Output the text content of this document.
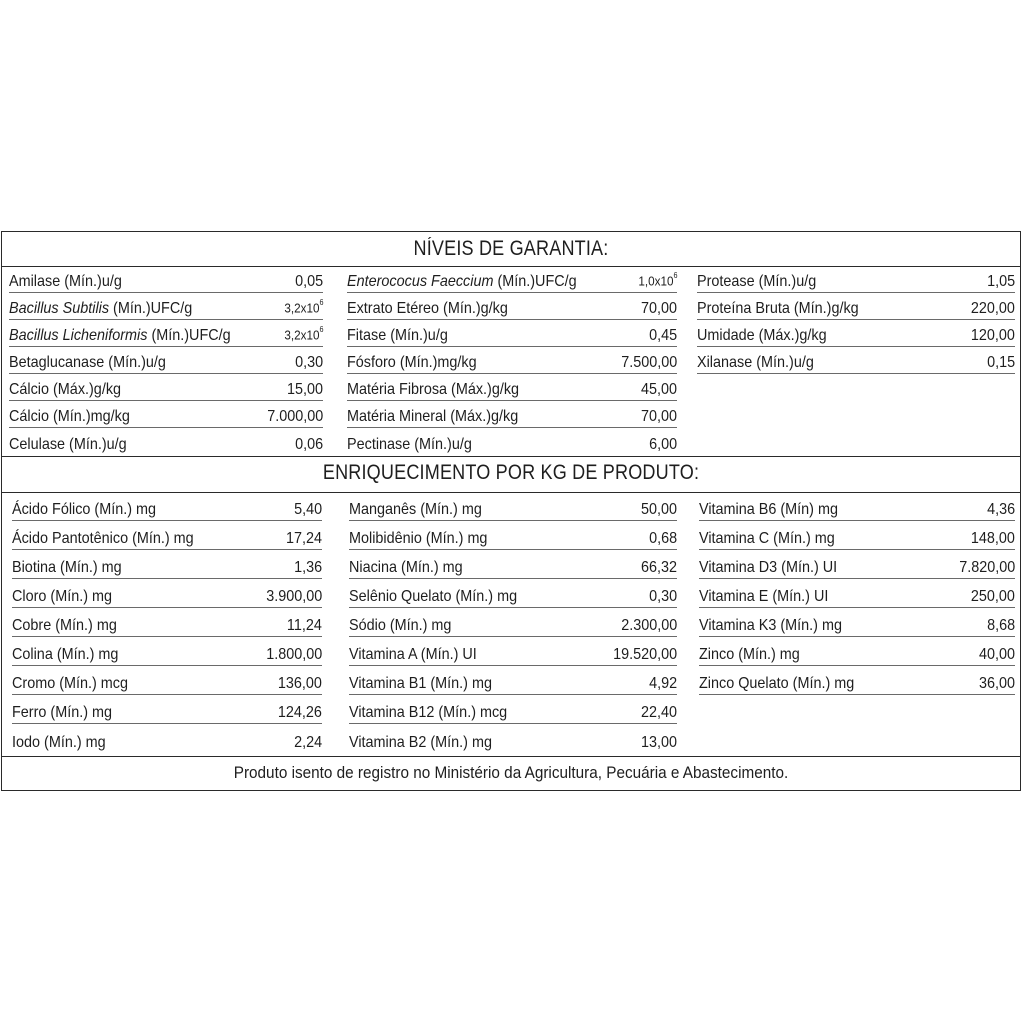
NÍVEIS DE GARANTIA:
Amilase (Mín.)u/g	0,05
Bacillus Subtilis (Mín.)UFC/g	$3,2x10^6$
Bacillus Licheniformis (Mín.)UFC/g	$3,2x10^6$
Betaglucanase (Mín.)u/g	0,30
Cálcio (Máx.)g/kg	15,00
Cálcio (Mín.)mg/kg	7.000,00
Celulase (Mín.)u/g	0,06
Enterococus Faeccium (Mín.)UFC/g	$1,0x10^6$
Extrato Etéreo (Mín.)g/kg	70,00
Fitase (Mín.)u/g	0,45
Fósforo (Mín.)mg/kg	7.500,00
Matéria Fibrosa (Máx.)g/kg	45,00
Matéria Mineral (Máx.)g/kg	70,00
Pectinase (Mín.)u/g	6,00
Protease (Mín.)u/g	1,05
Proteína Bruta (Mín.)g/kg	220,00
Umidade (Máx.)g/kg	120,00
Xilanase (Mín.)u/g	0,15
ENRIQUECIMENTO POR KG DE PRODUTO:
Ácido Fólico (Mín.) mg	5,40
Ácido Pantotênico (Mín.) mg	17,24
Biotina (Mín.) mg	1,36
Cloro (Mín.) mg	3.900,00
Cobre (Mín.) mg	11,24
Colina (Mín.) mg	1.800,00
Cromo (Mín.) mcg	136,00
Ferro (Mín.) mg	124,26
Iodo (Mín.) mg	2,24
Manganês (Mín.) mg	50,00
Molibidênio (Mín.) mg	0,68
Niacina (Mín.) mg	66,32
Selênio Quelato (Mín.) mg	0,30
Sódio (Mín.) mg	2.300,00
Vitamina A (Mín.) UI	19.520,00
Vitamina B1 (Mín.) mg	4,92
Vitamina B12 (Mín.) mcg	22,40
Vitamina B2 (Mín.) mg	13,00
Vitamina B6 (Mín) mg	4,36
Vitamina C (Mín.) mg	148,00
Vitamina D3 (Mín.) UI	7.820,00
Vitamina E (Mín.) UI	250,00
Vitamina K3 (Mín.) mg	8,68
Zinco (Mín.) mg	40,00
Zinco Quelato (Mín.) mg	36,00
Produto isento de registro no Ministério da Agricultura, Pecuária e Abastecimento.
